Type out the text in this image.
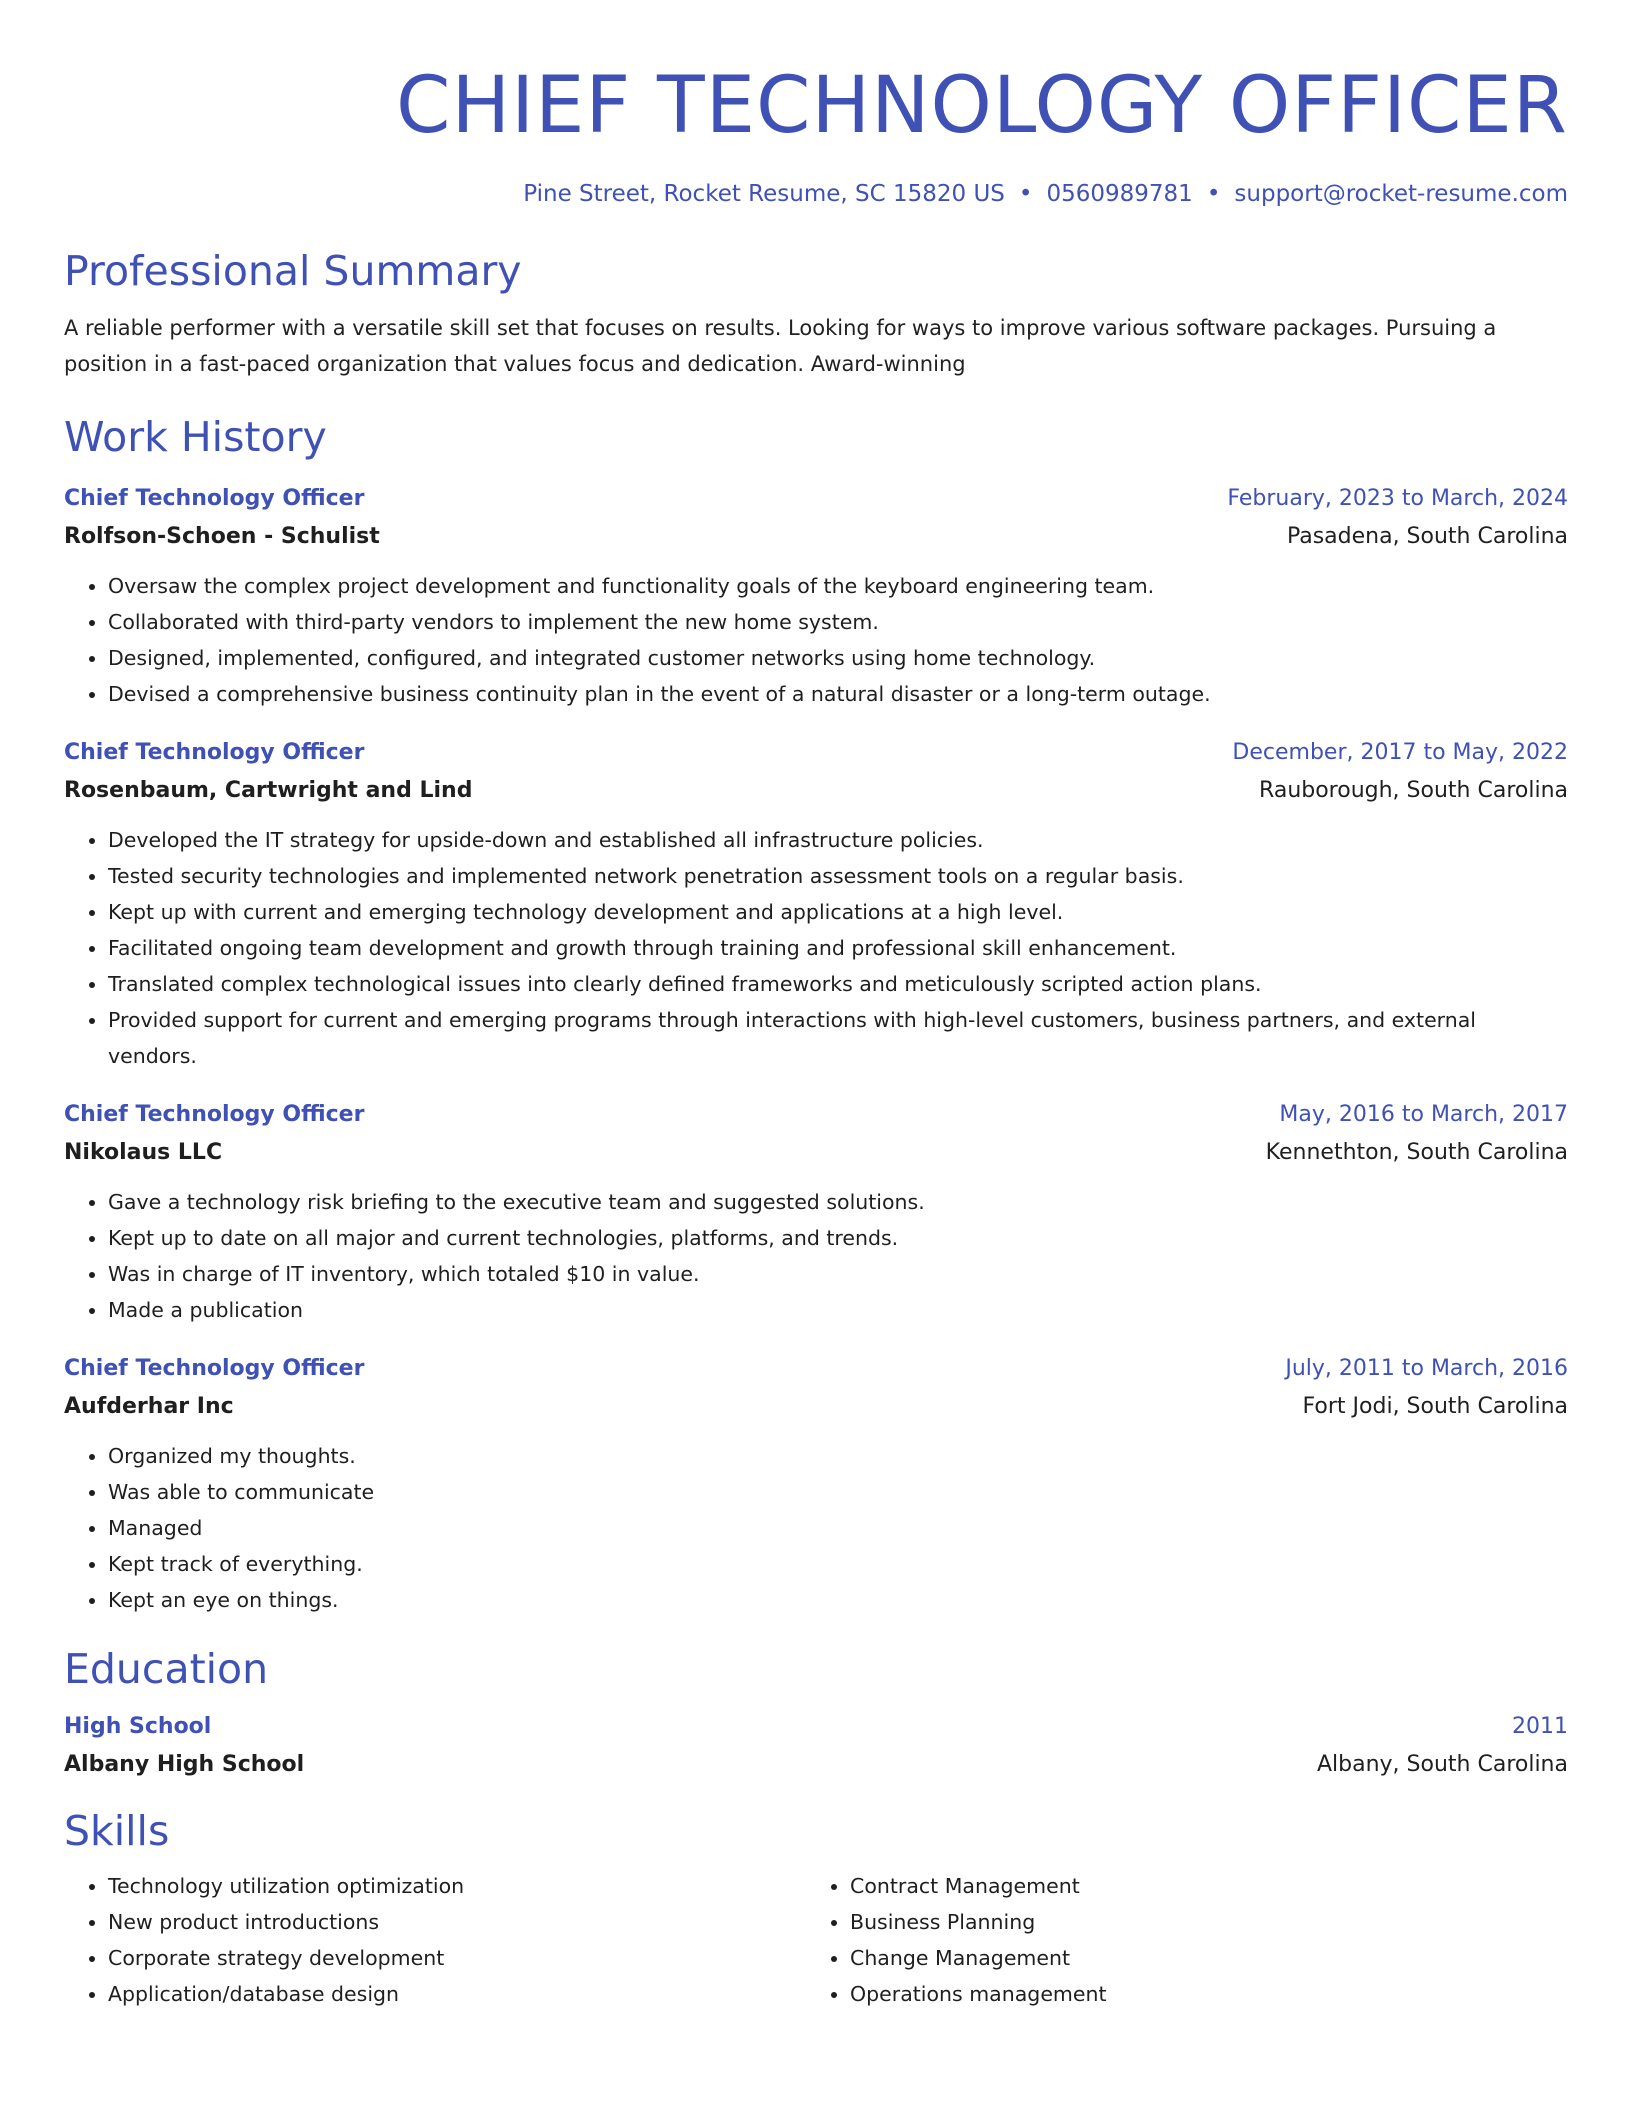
CHIEF TECHNOLOGY OFFICER
Pine Street, Rocket Resume, SC 15820 US • 0560989781 • support@rocket-resume.com
Professional Summary
A reliable performer with a versatile skill set that focuses on results. Looking for ways to improve various software packages. Pursuing a position in a fast-paced organization that values focus and dedication. Award-winning
Work History
Chief Technology Officer	February, 2023 to March, 2024
Rolfson-Schoen - Schulist	Pasadena, South Carolina
• Oversaw the complex project development and functionality goals of the keyboard engineering team.
• Collaborated with third-party vendors to implement the new home system.
• Designed, implemented, configured, and integrated customer networks using home technology.
• Devised a comprehensive business continuity plan in the event of a natural disaster or a long-term outage.
Chief Technology Officer	December, 2017 to May, 2022
Rosenbaum, Cartwright and Lind	Rauborough, South Carolina
• Developed the IT strategy for upside-down and established all infrastructure policies.
• Tested security technologies and implemented network penetration assessment tools on a regular basis.
• Kept up with current and emerging technology development and applications at a high level.
• Facilitated ongoing team development and growth through training and professional skill enhancement.
• Translated complex technological issues into clearly defined frameworks and meticulously scripted action plans.
• Provided support for current and emerging programs through interactions with high-level customers, business partners, and external vendors.
Chief Technology Officer	May, 2016 to March, 2017
Nikolaus LLC	Kennethton, South Carolina
• Gave a technology risk briefing to the executive team and suggested solutions.
• Kept up to date on all major and current technologies, platforms, and trends.
• Was in charge of IT inventory, which totaled $10 in value.
• Made a publication
Chief Technology Officer	July, 2011 to March, 2016
Aufderhar Inc	Fort Jodi, South Carolina
• Organized my thoughts.
• Was able to communicate
• Managed
• Kept track of everything.
• Kept an eye on things.
Education
High School	2011
Albany High School	Albany, South Carolina
Skills
• Technology utilization optimization
• New product introductions
• Corporate strategy development
• Application/database design
• Contract Management
• Business Planning
• Change Management
• Operations management
